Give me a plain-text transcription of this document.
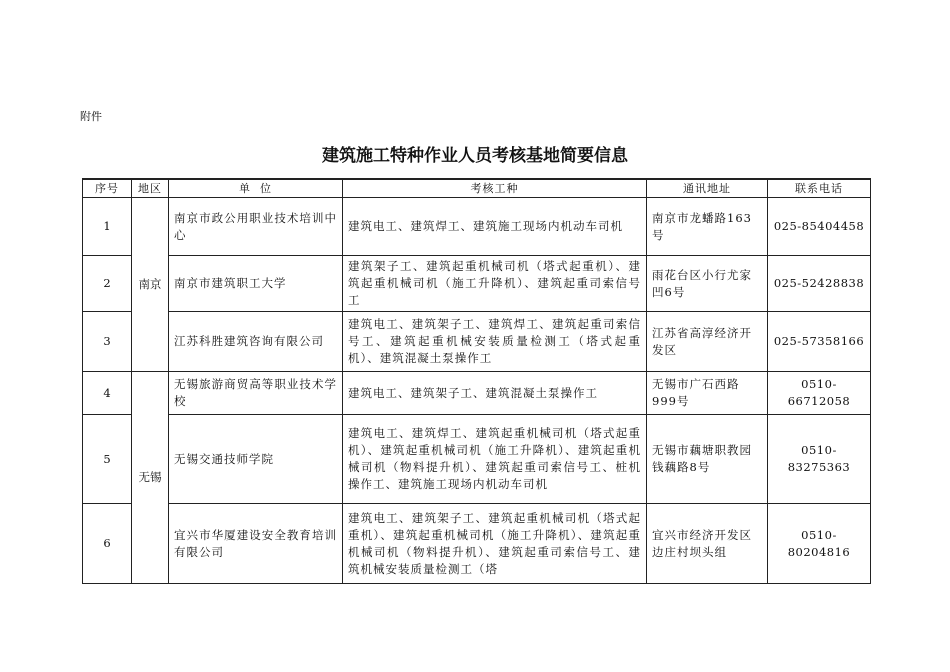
附件
建筑施工特种作业人员考核基地简要信息
序号	地区	单  位	考核工种	通讯地址	联系电话
1	南京	南京市政公用职业技术培训中心	建筑电工、建筑焊工、建筑施工现场内机动车司机	南京市龙蟠路163号	025-85404458
2		南京市建筑职工大学	建筑架子工、建筑起重机械司机（塔式起重机）、建筑起重机械司机（施工升降机）、建筑起重司索信号工	雨花台区小行尤家凹6号	025-52428838
3		江苏科胜建筑咨询有限公司	建筑电工、建筑架子工、建筑焊工、建筑起重司索信号工、建筑起重机械安装质量检测工（塔式起重机）、建筑混凝土泵操作工	江苏省高淳经济开发区	025-57358166
4	无锡	无锡旅游商贸高等职业技术学校	建筑电工、建筑架子工、建筑混凝土泵操作工	无锡市广石西路999号	0510-66712058
5		无锡交通技师学院	建筑电工、建筑焊工、建筑起重机械司机（塔式起重机）、建筑起重机械司机（施工升降机）、建筑起重机械司机（物料提升机）、建筑起重司索信号工、桩机操作工、建筑施工现场内机动车司机	无锡市藕塘职教园钱藕路8号	0510-83275363
6		宜兴市华厦建设安全教育培训有限公司	建筑电工、建筑架子工、建筑起重机械司机（塔式起重机）、建筑起重机械司机（施工升降机）、建筑起重机械司机（物料提升机）、建筑起重司索信号工、建筑机械安装质量检测工（塔	宜兴市经济开发区边庄村坝头组	0510-80204816
